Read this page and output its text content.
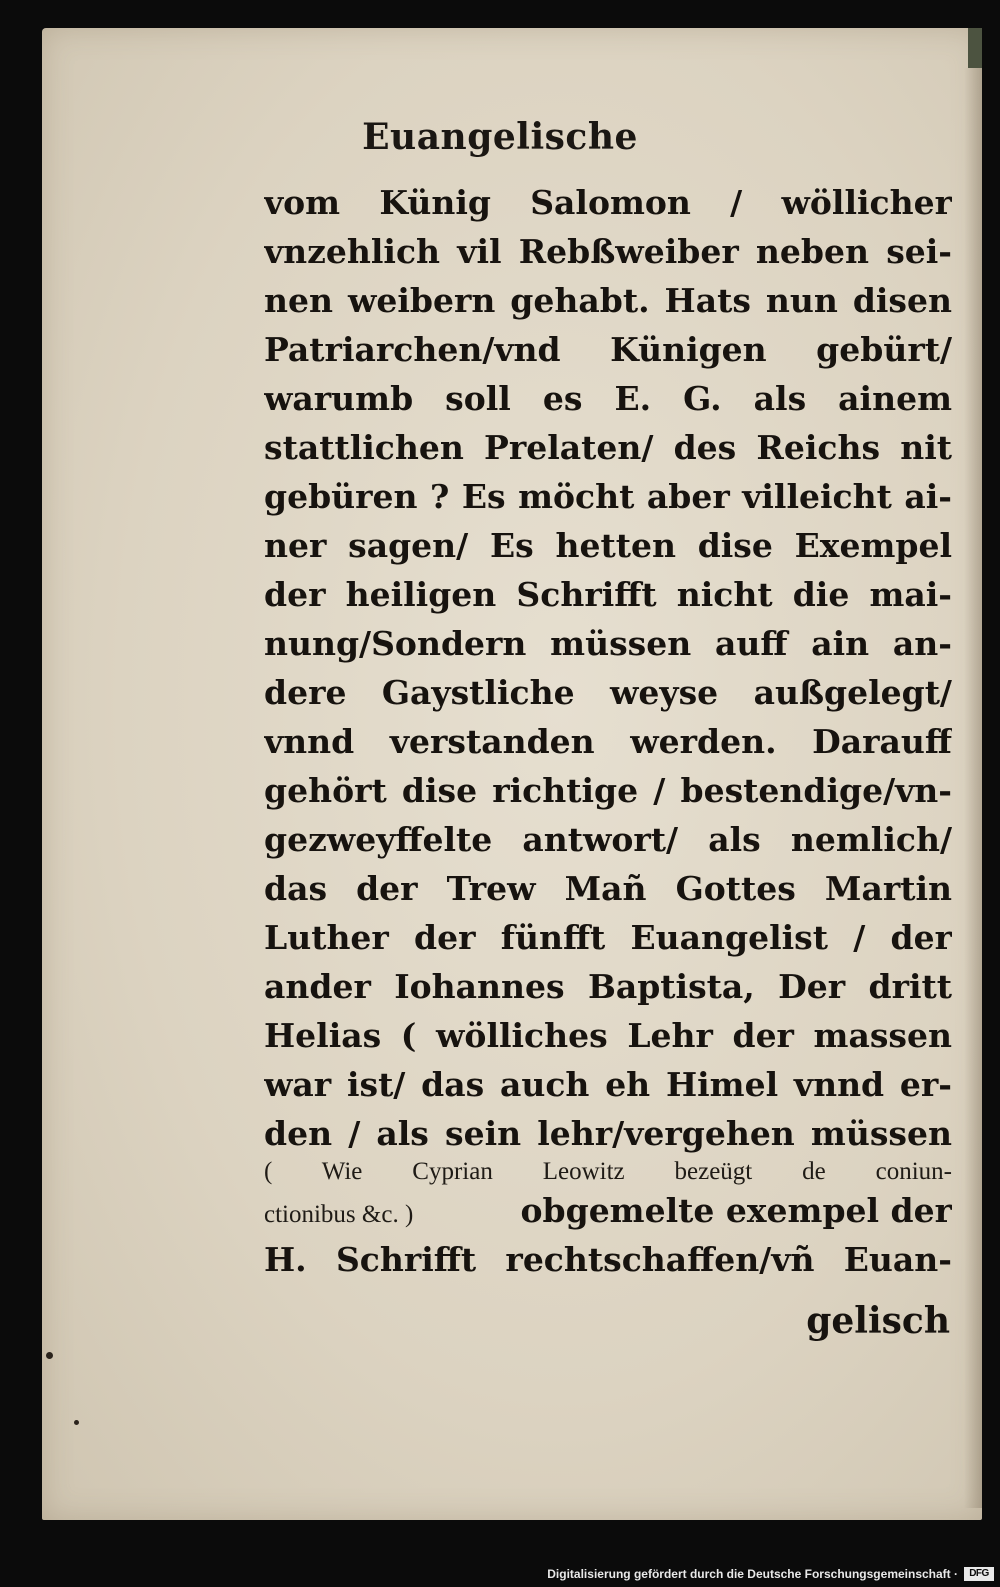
Euangelische
vom Künig Salomon / wöllicher
vnzehlich vil Rebßweiber neben sei-
nen weibern gehabt. Hats nun disen
Patriarchen/vnd Künigen gebürt/
warumb soll es E. G. als ainem
stattlichen Prelaten/ des Reichs nit
gebüren ? Es möcht aber villeicht ai-
ner sagen/ Es hetten dise Exempel
der heiligen Schrifft nicht die mai-
nung/Sondern müssen auff ain an-
dere Gaystliche weyse außgelegt/
vnnd verstanden werden. Darauff
gehört dise richtige / bestendige/vn-
gezweyffelte antwort/ als nemlich/
das der Trew Mañ Gottes Martin
Luther der fünfft Euangelist / der
ander Iohannes Baptista, Der dritt
Helias ( wölliches Lehr der massen
war ist/ das auch eh Himel vnnd er-
den / als sein lehr/vergehen müssen
( Wie Cyprian Leowitz bezeügt de coniun-
ctionibus &c. )	obgemelte exempel der
H. Schrifft rechtschaffen/vñ Euan-
gelisch
Digitalisierung gefördert durch die Deutsche Forschungsgemeinschaft ·	DFG
